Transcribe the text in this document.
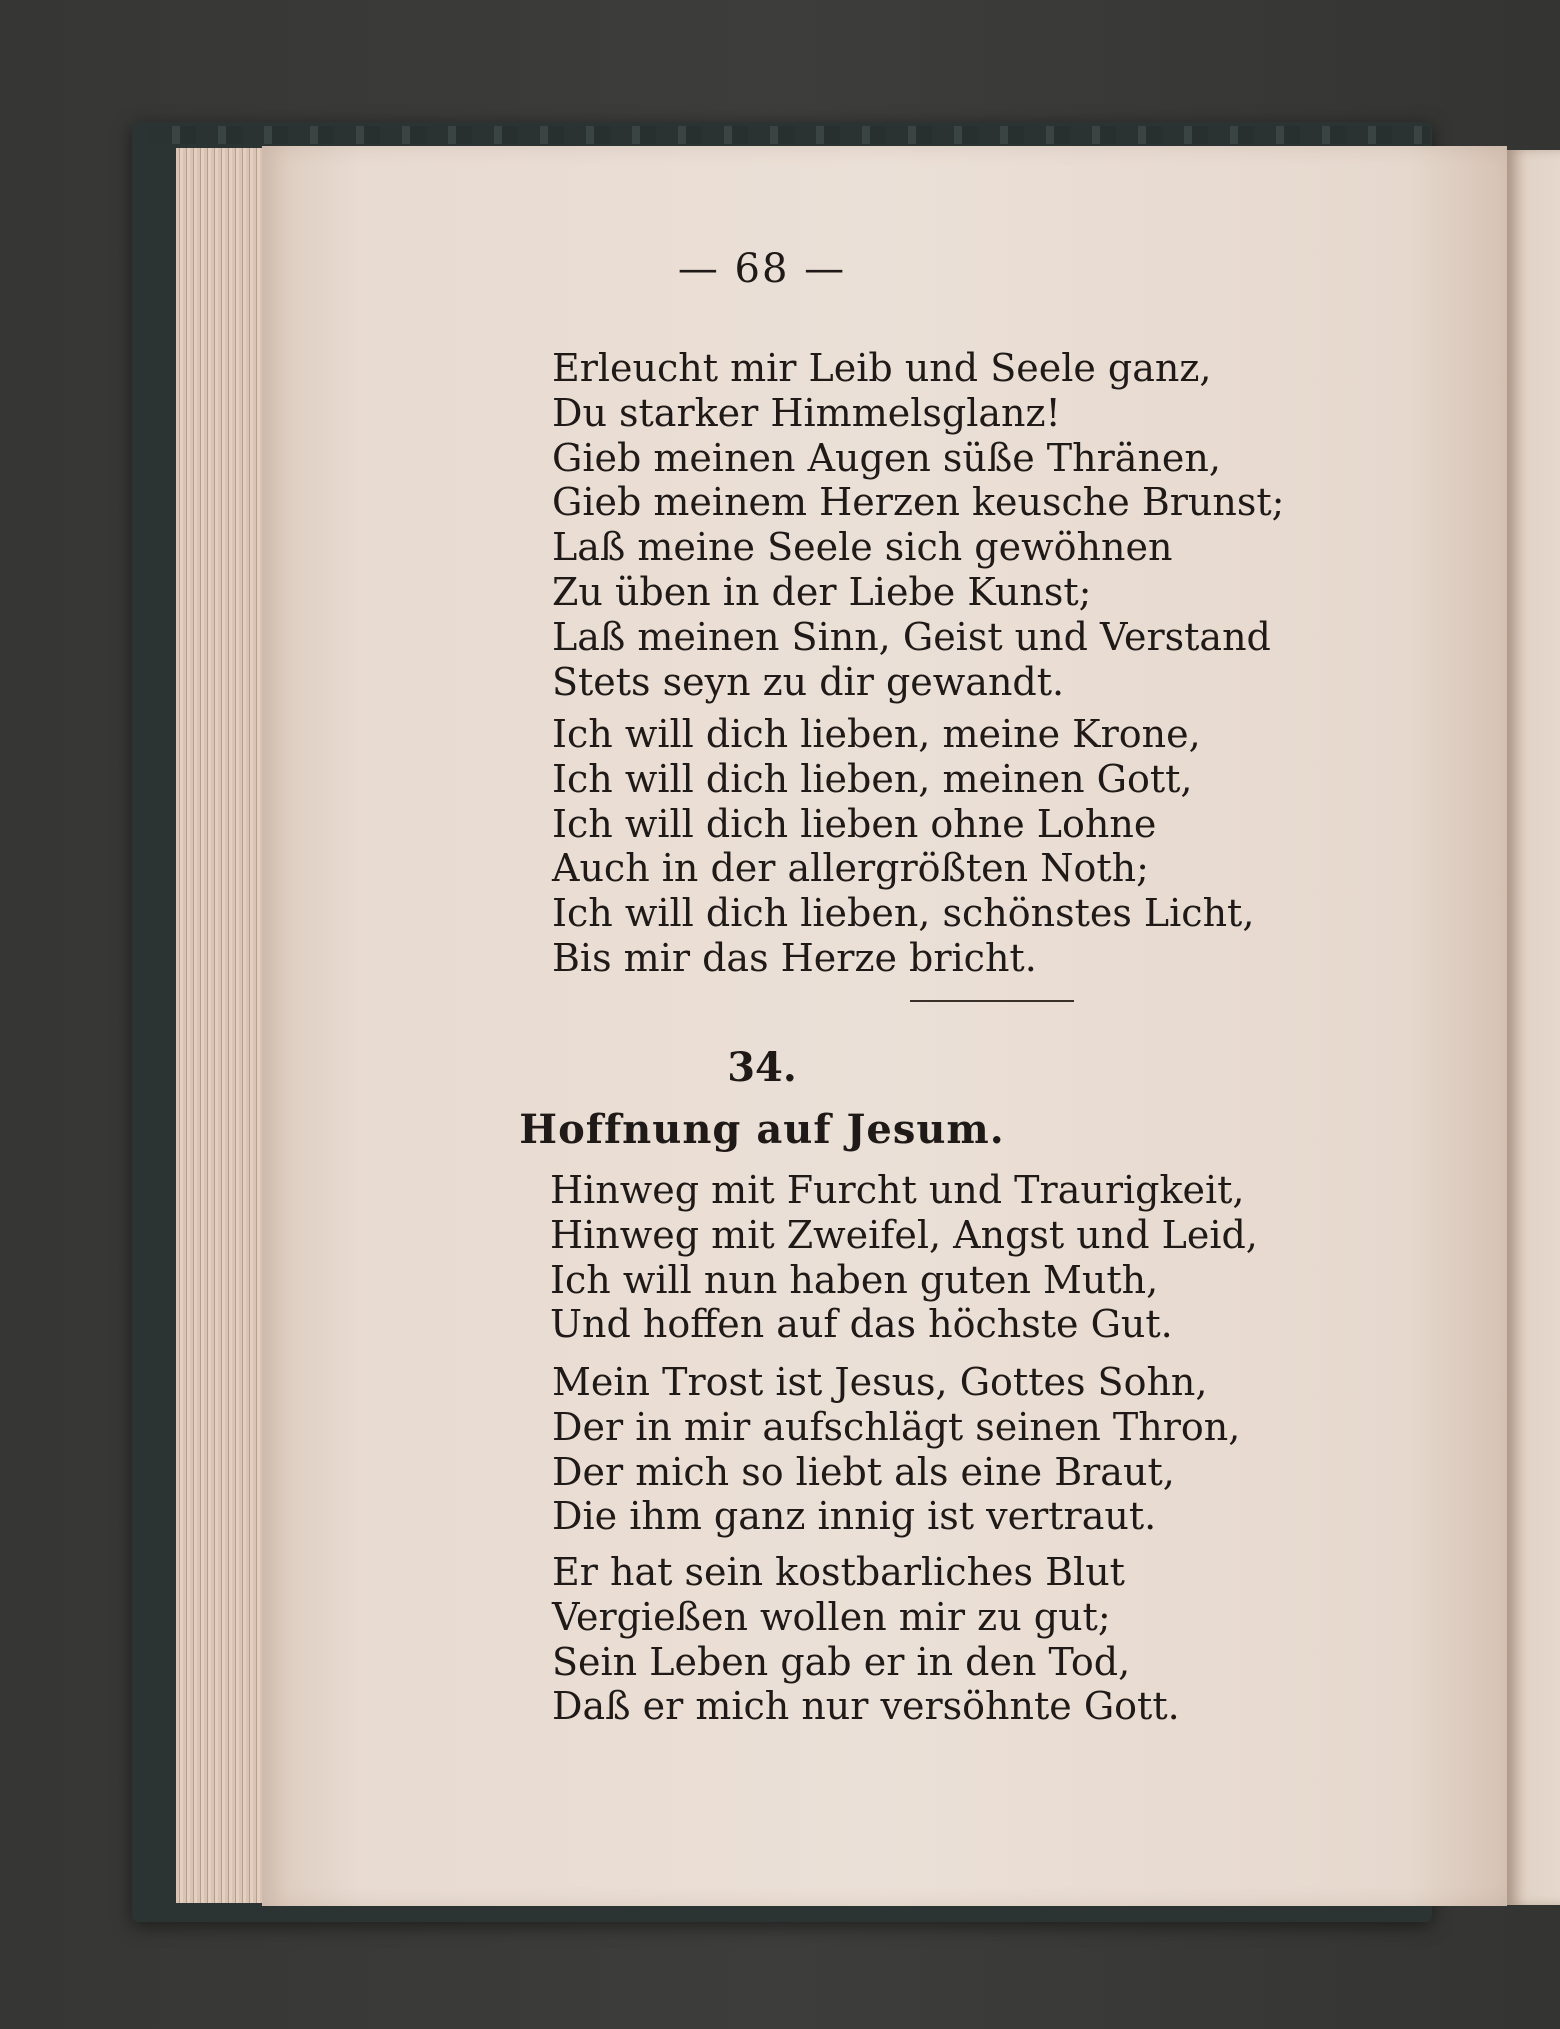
— 68 —
Erleucht mir Leib und Seele ganz,
Du starker Himmelsglanz!
Gieb meinen Augen süße Thränen,
Gieb meinem Herzen keusche Brunst;
Laß meine Seele sich gewöhnen
Zu üben in der Liebe Kunst;
Laß meinen Sinn, Geist und Verstand
Stets seyn zu dir gewandt.
Ich will dich lieben, meine Krone,
Ich will dich lieben, meinen Gott,
Ich will dich lieben ohne Lohne
Auch in der allergrößten Noth;
Ich will dich lieben, schönstes Licht,
Bis mir das Herze bricht.
34.
Hoffnung auf Jesum.
Hinweg mit Furcht und Traurigkeit,
Hinweg mit Zweifel, Angst und Leid,
Ich will nun haben guten Muth,
Und hoffen auf das höchste Gut.
Mein Trost ist Jesus, Gottes Sohn,
Der in mir aufschlägt seinen Thron,
Der mich so liebt als eine Braut,
Die ihm ganz innig ist vertraut.
Er hat sein kostbarliches Blut
Vergießen wollen mir zu gut;
Sein Leben gab er in den Tod,
Daß er mich nur versöhnte Gott.
